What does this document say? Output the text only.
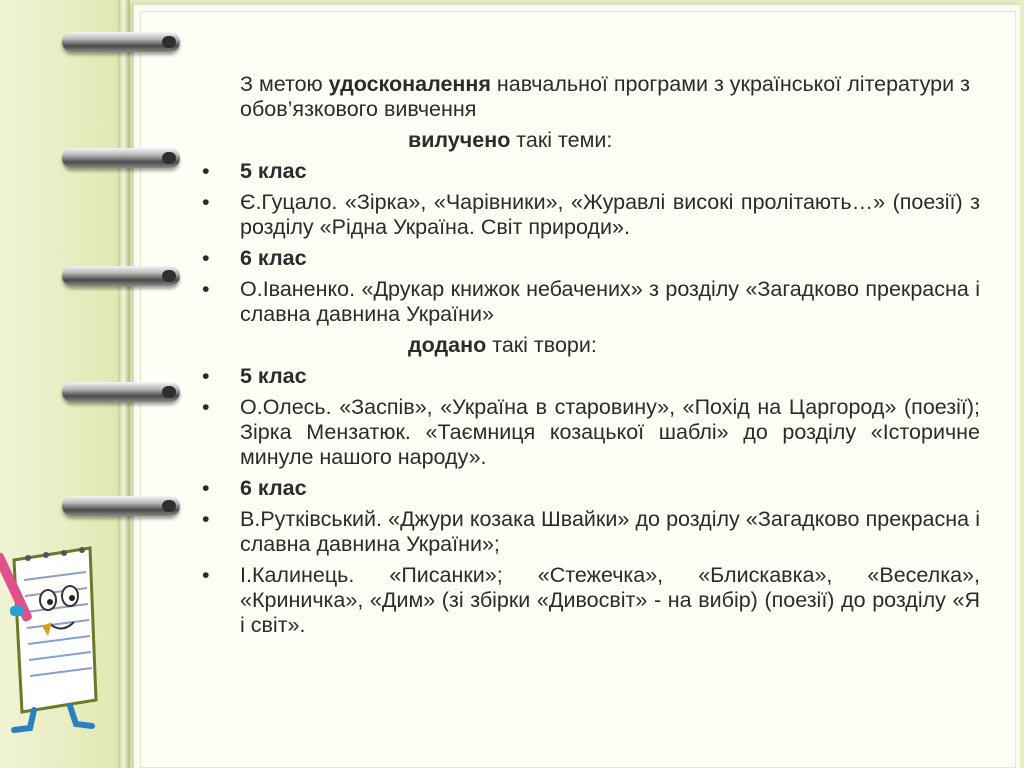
З метою удосконалення навчальної програми з української літератури з обов’язкового вивчення
вилучено такі теми:
• 5 клас
• Є.Гуцало. «Зірка», «Чарівники», «Журавлі високі пролітають…» (поезії) з розділу «Рідна Україна. Світ природи».
• 6 клас
• О.Іваненко. «Друкар книжок небачених» з розділу «Загадково прекрасна і славна давнина України»
додано такі твори:
• 5 клас
• О.Олесь. «Заспів», «Україна в старовину», «Похід на Царгород» (поезії); Зірка Мензатюк. «Таємниця козацької шаблі» до розділу «Історичне минуле нашого народу».
• 6 клас
• В.Рутківський. «Джури козака Швайки» до розділу «Загадково прекрасна і славна давнина України»;
• І.Калинець. «Писанки»; «Стежечка», «Блискавка», «Веселка», «Криничка», «Дим» (зі збірки «Дивосвіт» - на вибір) (поезії) до розділу «Я і світ».
